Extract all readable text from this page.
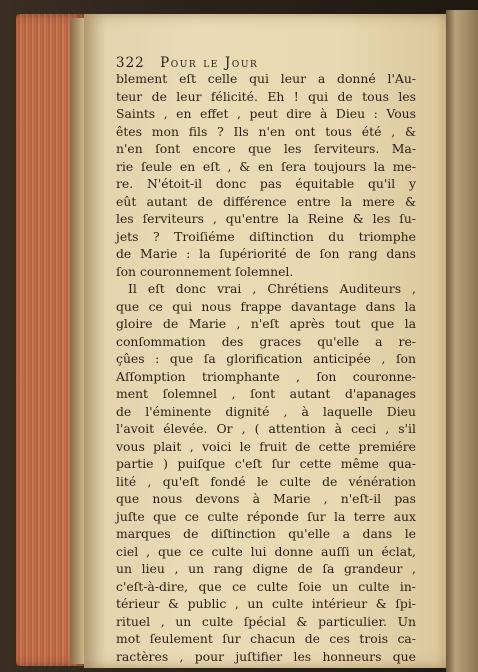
322 Pour le Jour
blement eſt celle qui leur a donné l'Au-
teur de leur félicité. Eh ! qui de tous les
Saints , en effet , peut dire à Dieu : Vous
êtes mon fils ? Ils n'en ont tous été , &
n'en ſont encore que les ſerviteurs. Ma-
rie ſeule en eſt , & en ſera toujours la me-
re. N'étoit-il donc pas équitable qu'il y
eût autant de différence entre la mere &
les ſerviteurs , qu'entre la Reine & les ſu-
jets ? Troiſiéme diſtinction du triomphe
de Marie : la ſupériorité de ſon rang dans
ſon couronnement ſolemnel.
Il eſt donc vrai , Chrétiens Auditeurs ,
que ce qui nous frappe davantage dans la
gloire de Marie , n'eſt après tout que la
conſommation des graces qu'elle a re-
çûes : que ſa glorification anticipée , ſon
Aſſomption triomphante , ſon couronne-
ment ſolemnel , ſont autant d'apanages
de l'éminente dignité , à laquelle Dieu
l'avoit élevée. Or , ( attention à ceci , s'il
vous plait , voici le fruit de cette premiére
partie ) puiſque c'eſt ſur cette même qua-
lité , qu'eſt fondé le culte de vénération
que nous devons à Marie , n'eſt-il pas
juſte que ce culte réponde ſur la terre aux
marques de diſtinction qu'elle a dans le
ciel , que ce culte lui donne auſſi un éclat,
un lieu , un rang digne de ſa grandeur ,
c'eſt-à-dire, que ce culte ſoie un culte in-
térieur & public , un culte intérieur & ſpi-
rituel , un culte ſpécial & particulier. Un
mot ſeulement ſur chacun de ces trois ca-
ractères , pour juſtifier les honneurs que
